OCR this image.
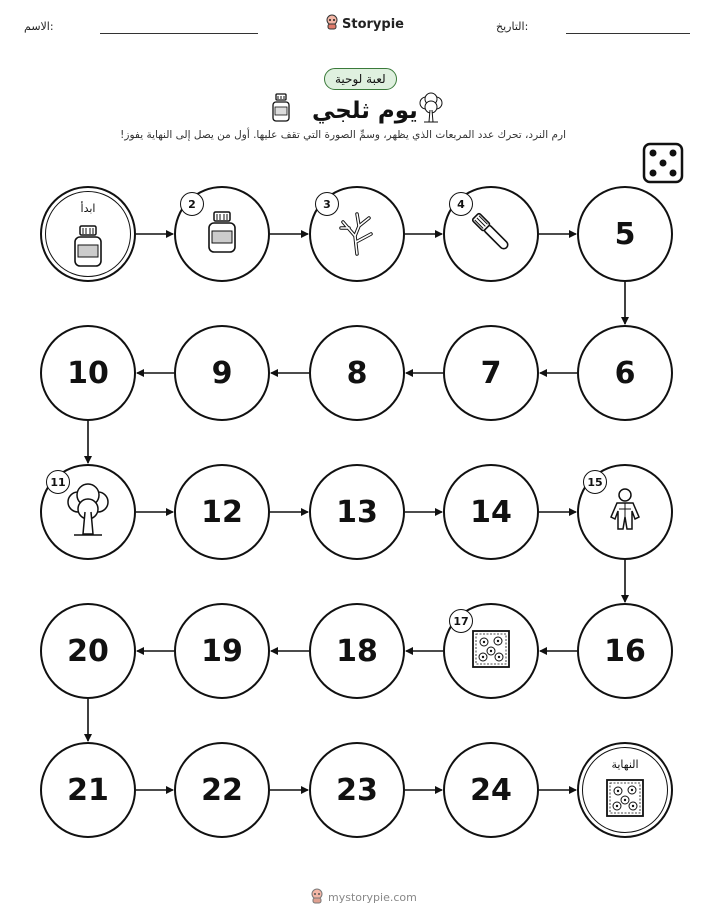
الاسم:	Storypie	التاريخ:
لعبة لوحية
يوم ثلجي
ارم النرد، تحرك عدد المربعات الذي يظهر، وسمِّ الصورة التي تقف عليها. أول من يصل إلى النهاية يفوز!
ابدأ	2	3	4
5
6
7
8
9
10
11
12	13	14
15
16
17
18
19
20
21	22	23	24
النهاية
mystorypie.com
